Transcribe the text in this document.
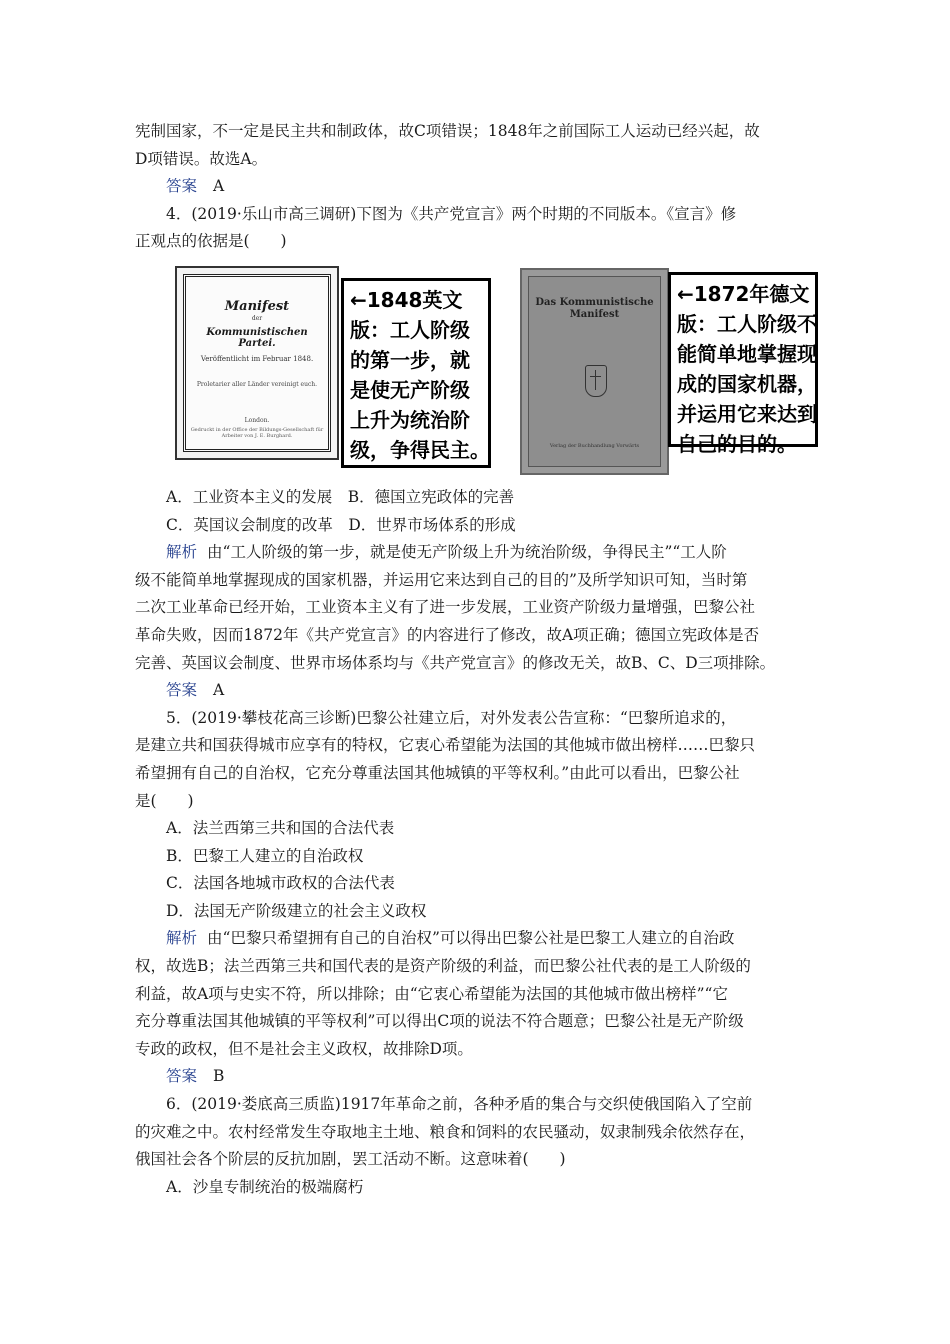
宪制国家，不一定是民主共和制政体，故C项错误；1848年之前国际工人运动已经兴起，故

D项错误。故选A。

答案 A

4．(2019·乐山市高三调研)下图为《共产党宣言》两个时期的不同版本。《宣言》修

正观点的依据是(　　)

Manifest
der
Kommunistischen Partei.
Veröffentlicht im Februar 1848.
Proletarier aller Länder vereinigt euch.
London.
Gedruckt in der Office der Bildungs-Gesellschaft für Arbeiter von J. E. Burghard.
←1848英文
版：工人阶级
的第一步，就
是使无产阶级
上升为统治阶
级，争得民主。
Das Kommunistische Manifest
Verlag der Buchhandlung Vorwärts
←1872年德文
版：工人阶级不
能简单地掌握现
成的国家机器，
并运用它来达到
自己的目的。

A．工业资本主义的发展　B．德国立宪政体的完善

C．英国议会制度的改革　D．世界市场体系的形成

解析 由“工人阶级的第一步，就是使无产阶级上升为统治阶级，争得民主”“工人阶

级不能简单地掌握现成的国家机器，并运用它来达到自己的目的”及所学知识可知，当时第

二次工业革命已经开始，工业资本主义有了进一步发展，工业资产阶级力量增强，巴黎公社

革命失败，因而1872年《共产党宣言》的内容进行了修改，故A项正确；德国立宪政体是否

完善、英国议会制度、世界市场体系均与《共产党宣言》的修改无关，故B、C、D三项排除。

答案 A

5．(2019·攀枝花高三诊断)巴黎公社建立后，对外发表公告宣称：“巴黎所追求的，

是建立共和国获得城市应享有的特权，它衷心希望能为法国的其他城市做出榜样……巴黎只

希望拥有自己的自治权，它充分尊重法国其他城镇的平等权利。”由此可以看出，巴黎公社

是(　　)

A．法兰西第三共和国的合法代表

B．巴黎工人建立的自治政权

C．法国各地城市政权的合法代表

D．法国无产阶级建立的社会主义政权

解析 由“巴黎只希望拥有自己的自治权”可以得出巴黎公社是巴黎工人建立的自治政

权，故选B；法兰西第三共和国代表的是资产阶级的利益，而巴黎公社代表的是工人阶级的

利益，故A项与史实不符，所以排除；由“它衷心希望能为法国的其他城市做出榜样”“它

充分尊重法国其他城镇的平等权利”可以得出C项的说法不符合题意；巴黎公社是无产阶级

专政的政权，但不是社会主义政权，故排除D项。

答案 B

6．(2019·娄底高三质监)1917年革命之前，各种矛盾的集合与交织使俄国陷入了空前

的灾难之中。农村经常发生夺取地主土地、粮食和饲料的农民骚动，奴隶制残余依然存在，

俄国社会各个阶层的反抗加剧，罢工活动不断。这意味着(　　)

A．沙皇专制统治的极端腐朽
